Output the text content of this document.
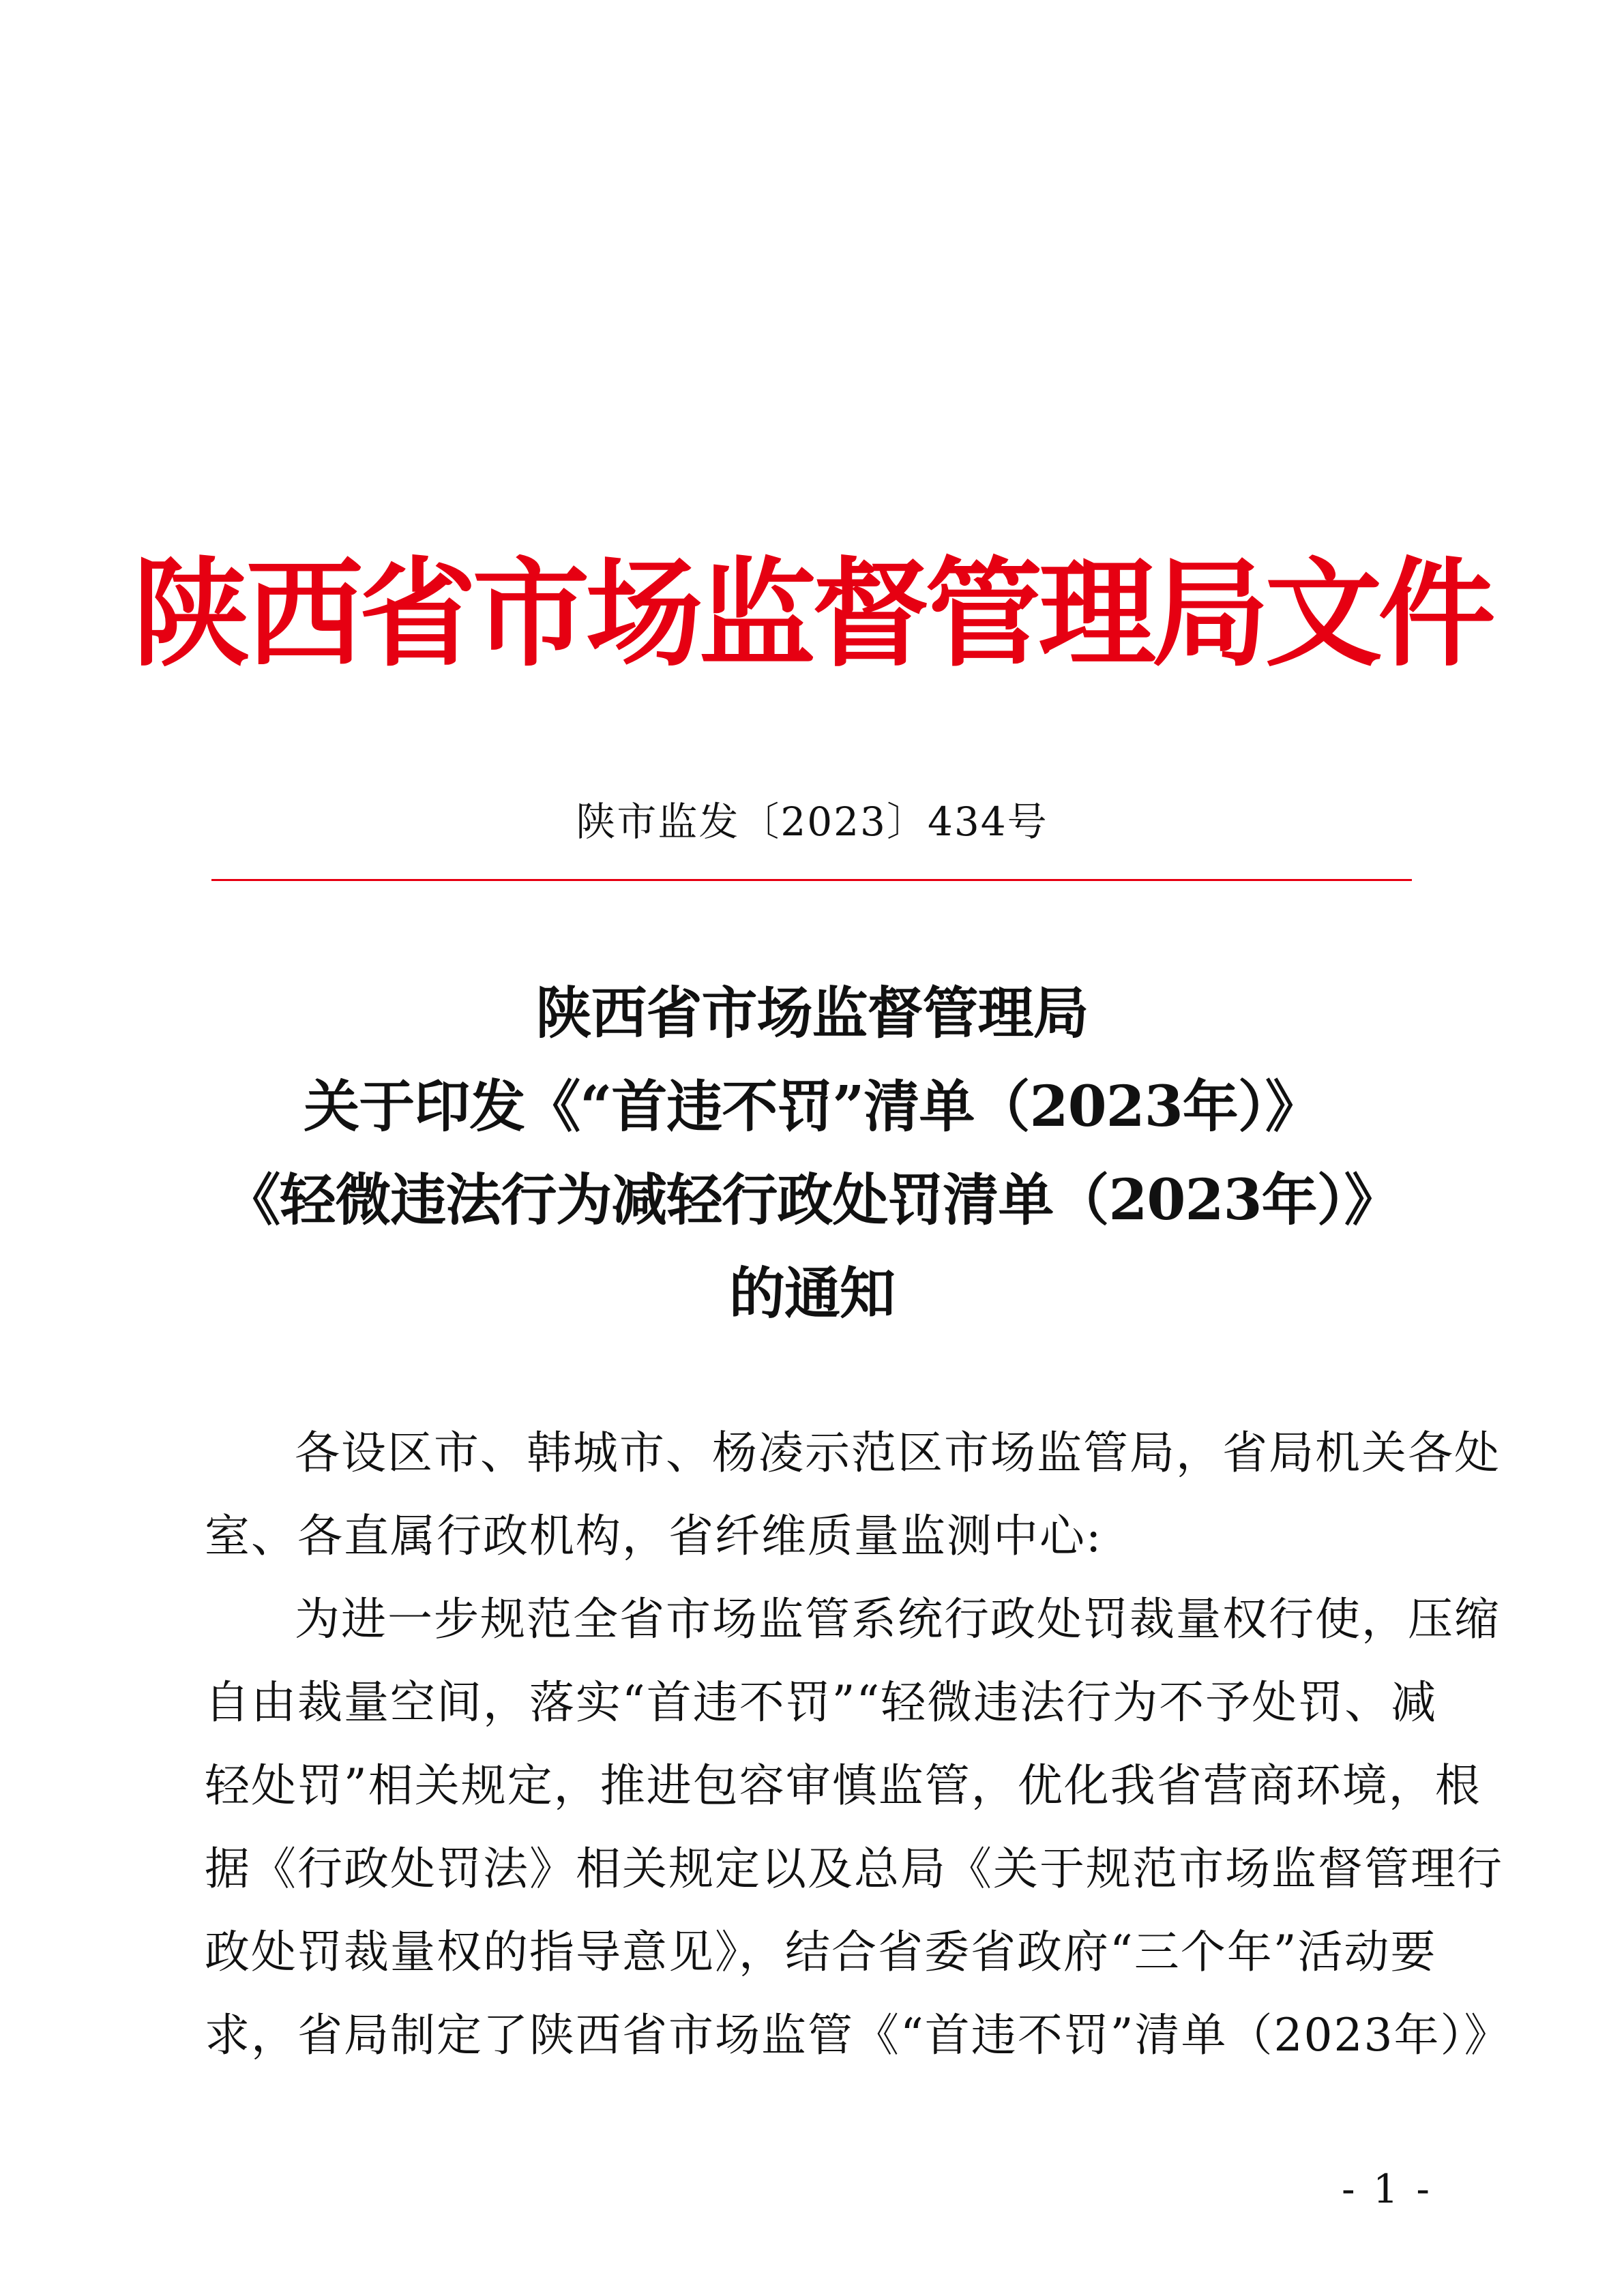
陕西省市场监督管理局文件
陕市监发〔2023〕434号
陕西省市场监督管理局
关于印发《“首违不罚”清单（2023年）》
《轻微违法行为减轻行政处罚清单（2023年）》
的通知
各设区市、韩城市、杨凌示范区市场监管局，省局机关各处
室、各直属行政机构，省纤维质量监测中心:
为进一步规范全省市场监管系统行政处罚裁量权行使，压缩
自由裁量空间，落实“首违不罚”“轻微违法行为不予处罚、减
轻处罚”相关规定，推进包容审慎监管，优化我省营商环境，根
据《行政处罚法》相关规定以及总局《关于规范市场监督管理行
政处罚裁量权的指导意见》，结合省委省政府“三个年”活动要
求，省局制定了陕西省市场监管《“首违不罚”清单（2023年）》
- 1 -
